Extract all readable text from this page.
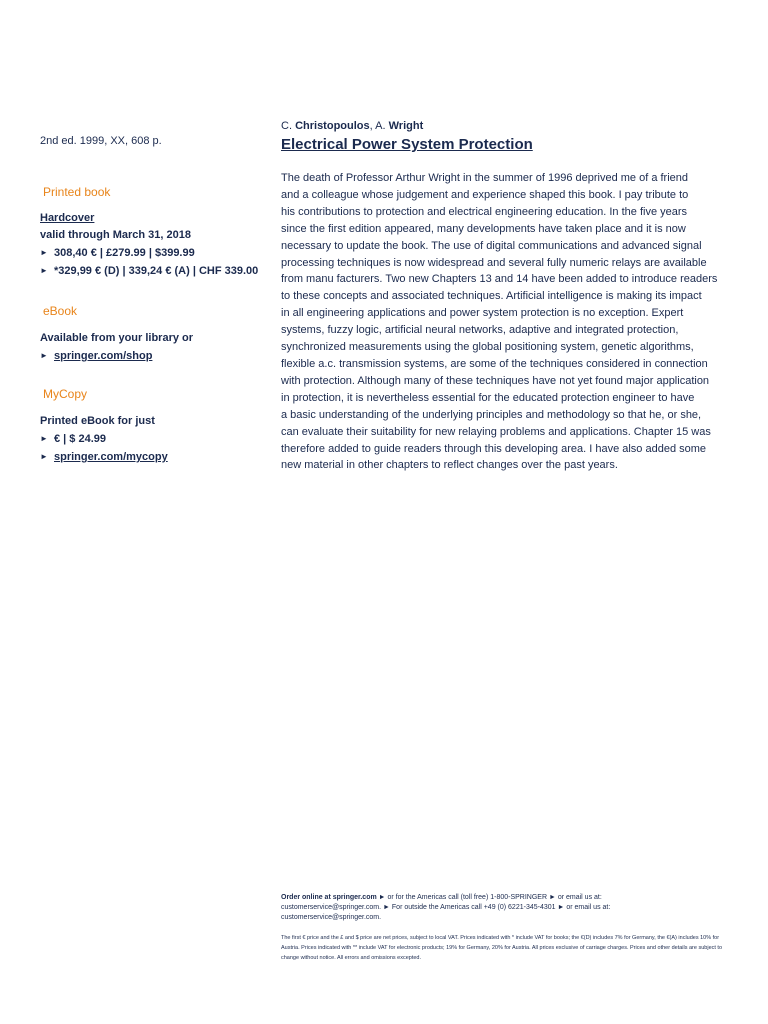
2nd ed. 1999, XX, 608 p.

Printed book

Hardcover
valid through March 31, 2018
► 308,40 € | £279.99 | $399.99
► *329,99 € (D) | 339,24 € (A) | CHF 339.00

eBook

Available from your library or
► springer.com/shop

MyCopy

Printed eBook for just
► € | $ 24.99
► springer.com/mycopy

C. Christopoulos, A. Wright

Electrical Power System Protection
The death of Professor Arthur Wright in the summer of 1996 deprived me of a friend
and a colleague whose judgement and experience shaped this book. I pay tribute to
his contributions to protection and electrical engineering education. In the five years
since the first edition appeared, many developments have taken place and it is now
necessary to update the book. The use of digital communications and advanced signal
processing techniques is now widespread and several fully numeric relays are available
from manu facturers. Two new Chapters 13 and 14 have been added to introduce readers
to these concepts and associated techniques. Artificial intelligence is making its impact
in all engineering applications and power system protection is no exception. Expert
systems, fuzzy logic, artificial neural networks, adaptive and integrated protection,
synchronized measurements using the global positioning system, genetic algorithms,
flexible a.c. transmission systems, are some of the techniques considered in connection
with protection. Although many of these techniques have not yet found major application
in protection, it is nevertheless essential for the educated protection engineer to have
a basic understanding of the underlying principles and methodology so that he, or she,
can evaluate their suitability for new relaying problems and applications. Chapter 15 was
therefore added to guide readers through this developing area. I have also added some
new material in other chapters to reflect changes over the past years.

Order online at springer.com ► or for the Americas call (toll free) 1-800-SPRINGER ► or email us at:

customerservice@springer.com. ► For outside the Americas call +49 (0) 6221-345-4301 ► or email us at:

customerservice@springer.com.

The first € price and the £ and $ price are net prices, subject to local VAT. Prices indicated with * include VAT for books; the €(D) includes 7% for Germany, the €(A) includes 10% for Austria. Prices indicated with ** include VAT for electronic products; 19% for Germany, 20% for Austria. All prices exclusive of carriage charges. Prices and other details are subject to change without notice. All errors and omissions excepted.
